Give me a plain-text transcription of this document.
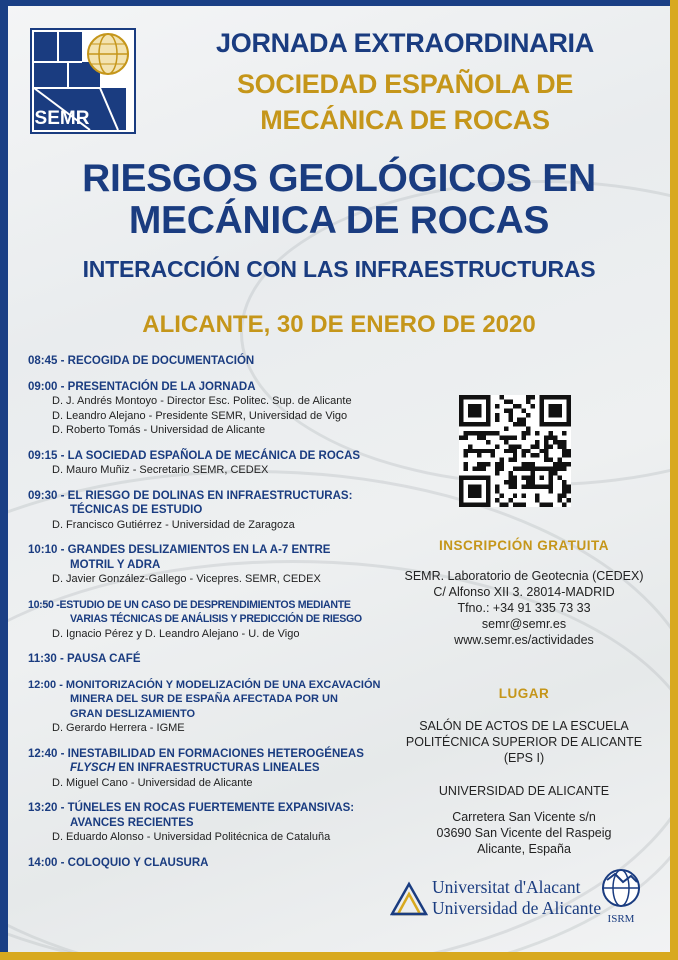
SEMR
JORNADA EXTRAORDINARIA
SOCIEDAD ESPAÑOLA DE
MECÁNICA DE ROCAS
RIESGOS GEOLÓGICOS EN
MECÁNICA DE ROCAS
INTERACCIÓN CON LAS INFRAESTRUCTURAS
ALICANTE, 30 DE ENERO DE 2020
08:45 - RECOGIDA DE DOCUMENTACIÓN
09:00 - PRESENTACIÓN DE LA JORNADA
D. J. Andrés Montoyo - Director Esc. Politec. Sup. de Alicante
D. Leandro Alejano - Presidente SEMR, Universidad de Vigo
D. Roberto Tomás - Universidad de Alicante
09:15 - LA SOCIEDAD ESPAÑOLA DE MECÁNICA DE ROCAS
D. Mauro Muñiz - Secretario SEMR, CEDEX
09:30 - EL RIESGO DE DOLINAS EN INFRAESTRUCTURAS:
TÉCNICAS DE ESTUDIO
D. Francisco Gutiérrez - Universidad de Zaragoza
10:10 - GRANDES DESLIZAMIENTOS EN LA A-7 ENTRE
MOTRIL Y ADRA
D. Javier González-Gallego - Vicepres. SEMR, CEDEX
10:50 -ESTUDIO DE UN CASO DE DESPRENDIMIENTOS MEDIANTE
VARIAS TÉCNICAS DE ANÁLISIS Y PREDICCIÓN DE RIESGO
D. Ignacio Pérez y D. Leandro Alejano - U. de Vigo
11:30 - PAUSA CAFÉ
12:00 - MONITORIZACIÓN Y MODELIZACIÓN DE UNA EXCAVACIÓN
MINERA DEL SUR DE ESPAÑA AFECTADA POR UN
GRAN DESLIZAMIENTO
D. Gerardo Herrera - IGME
12:40 - INESTABILIDAD EN FORMACIONES HETEROGÉNEAS
FLYSCH EN INFRAESTRUCTURAS LINEALES
D. Miguel Cano - Universidad de Alicante
13:20 - TÚNELES EN ROCAS FUERTEMENTE EXPANSIVAS:
AVANCES RECIENTES
D. Eduardo Alonso - Universidad Politécnica de Cataluña
14:00 - COLOQUIO Y CLAUSURA
INSCRIPCIÓN GRATUITA
SEMR. Laboratorio de Geotecnia (CEDEX)
C/ Alfonso XII 3. 28014-MADRID
Tfno.: +34 91 335 73 33
semr@semr.es
www.semr.es/actividades
LUGAR
SALÓN DE ACTOS DE LA ESCUELA
POLITÉCNICA SUPERIOR DE ALICANTE
(EPS I)
UNIVERSIDAD DE ALICANTE
Carretera San Vicente s/n
03690 San Vicente del Raspeig
Alicante, España
Universitat d'Alacant
Universidad de Alicante
ISRM
